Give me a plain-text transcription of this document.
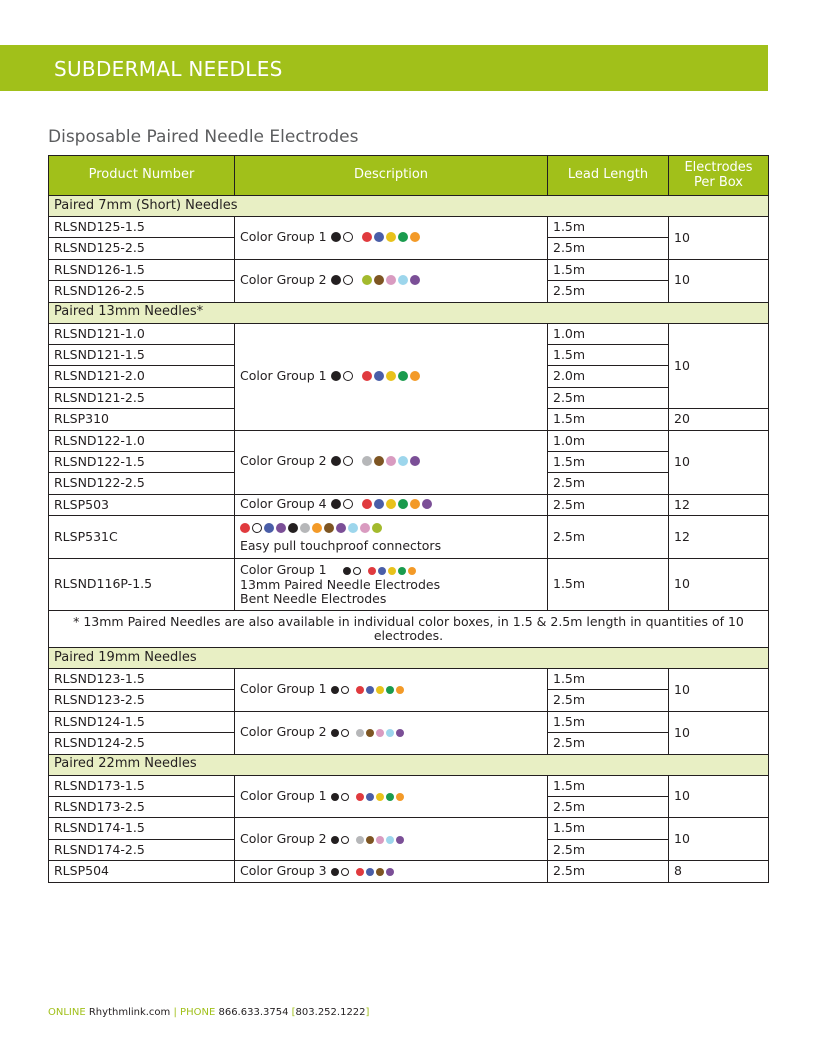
SUBDERMAL NEEDLES
Disposable Paired Needle Electrodes
Product Number	Description	Lead Length	Electrodes
Per Box

Paired 7mm (Short) Needles			
RLSND125-1.5	Color Group 1	1.5m	10
RLSND125-2.5		2.5m	
RLSND126-1.5	Color Group 2	1.5m	10
RLSND126-2.5		2.5m	
Paired 13mm Needles*			
RLSND121-1.0	Color Group 1	1.0m	10
RLSND121-1.5		1.5m	
RLSND121-2.0		2.0m	
RLSND121-2.5		2.5m	
RLSP310		1.5m	20
RLSND122-1.0	Color Group 2	1.0m	10
RLSND122-1.5		1.5m	
RLSND122-2.5		2.5m	
RLSP503	Color Group 4	2.5m	12
RLSP531C	Easy pull touchproof connectors	2.5m	12
RLSND116P-1.5	Color Group 1
13mm Paired Needle Electrodes
Bent Needle Electrodes	1.5m	10
* 13mm Paired Needles are also available in individual color boxes, in 1.5 & 2.5m length in quantities of 10 electrodes.			
Paired 19mm Needles			
RLSND123-1.5	Color Group 1	1.5m	10
RLSND123-2.5		2.5m	
RLSND124-1.5	Color Group 2	1.5m	10
RLSND124-2.5		2.5m	
Paired 22mm Needles			
RLSND173-1.5	Color Group 1	1.5m	10
RLSND173-2.5		2.5m	
RLSND174-1.5	Color Group 2	1.5m	10
RLSND174-2.5		2.5m	
RLSP504	Color Group 3	2.5m	8
ONLINE Rhythmlink.com | PHONE 866.633.3754 [803.252.1222]
